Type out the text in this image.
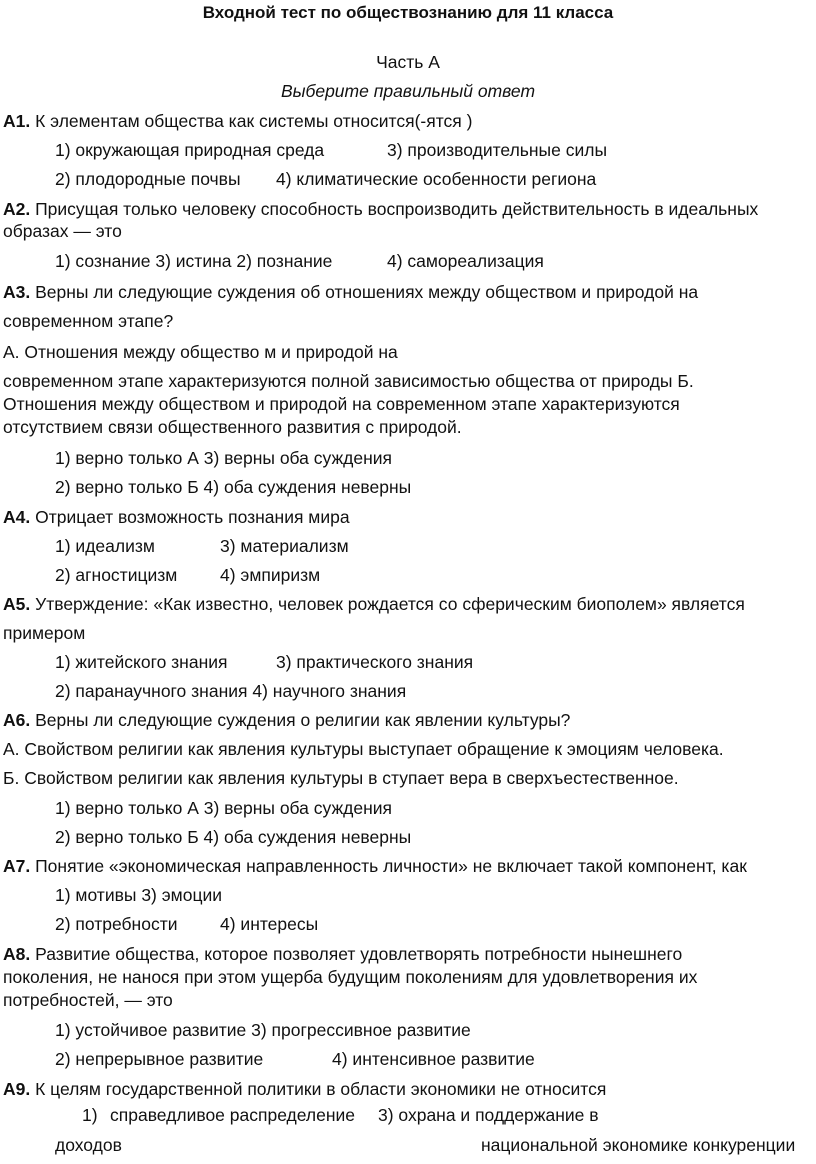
Входной тест по обществознанию для 11 класса
Часть А
Выберите правильный ответ
А1. К элементам общества как системы относится(-ятся )
1) окружающая природная среда	3) производительные силы
2) плодородные почвы 4) климатические особенности региона
А2. Присущая только человеку способность воспроизводить действительность в идеальных
образах — это
1) сознание 3) истина 2) познание	4) самореализация
А3. Верны ли следующие суждения об отношениях между обществом и природой на
современном этапе?
А. Отношения между общество м и природой на
современном этапе характеризуются полной зависимостью общества от природы Б.
Отношения между обществом и природой на современном этапе характеризуются
отсутствием связи общественного развития с природой.
1) верно только А 3) верны оба суждения
2) верно только Б 4) оба суждения неверны
А4. Отрицает возможность познания мира
1) идеализм	3) материализм
2) агностицизм 4) эмпиризм
А5. Утверждение: «Как известно, человек рождается со сферическим биополем» является
примером
1) житейского знания	3) практического знания
2) паранаучного знания 4) научного знания
А6. Верны ли следующие суждения о религии как явлении культуры?
А. Свойством религии как явления культуры выступает обращение к эмоциям человека.
Б. Свойством религии как явления культуры в ступает вера в сверхъестественное.
1) верно только А 3) верны оба суждения
2) верно только Б 4) оба суждения неверны
А7. Понятие «экономическая направленность личности» не включает такой компонент, как
1) мотивы 3) эмоции
2) потребности 4) интересы
А8. Развитие общества, которое позволяет удовлетворять потребности нынешнего
поколения, не нанося при этом ущерба будущим поколениям для удовлетворения их
потребностей, — это
1) устойчивое развитие 3) прогрессивное развитие
2) непрерывное развитие	4) интенсивное развитие
А9. К целям государственной политики в области экономики не относится
1) справедливое распределение 3) охрана и поддержание в
доходов	национальной экономике конкуренции
